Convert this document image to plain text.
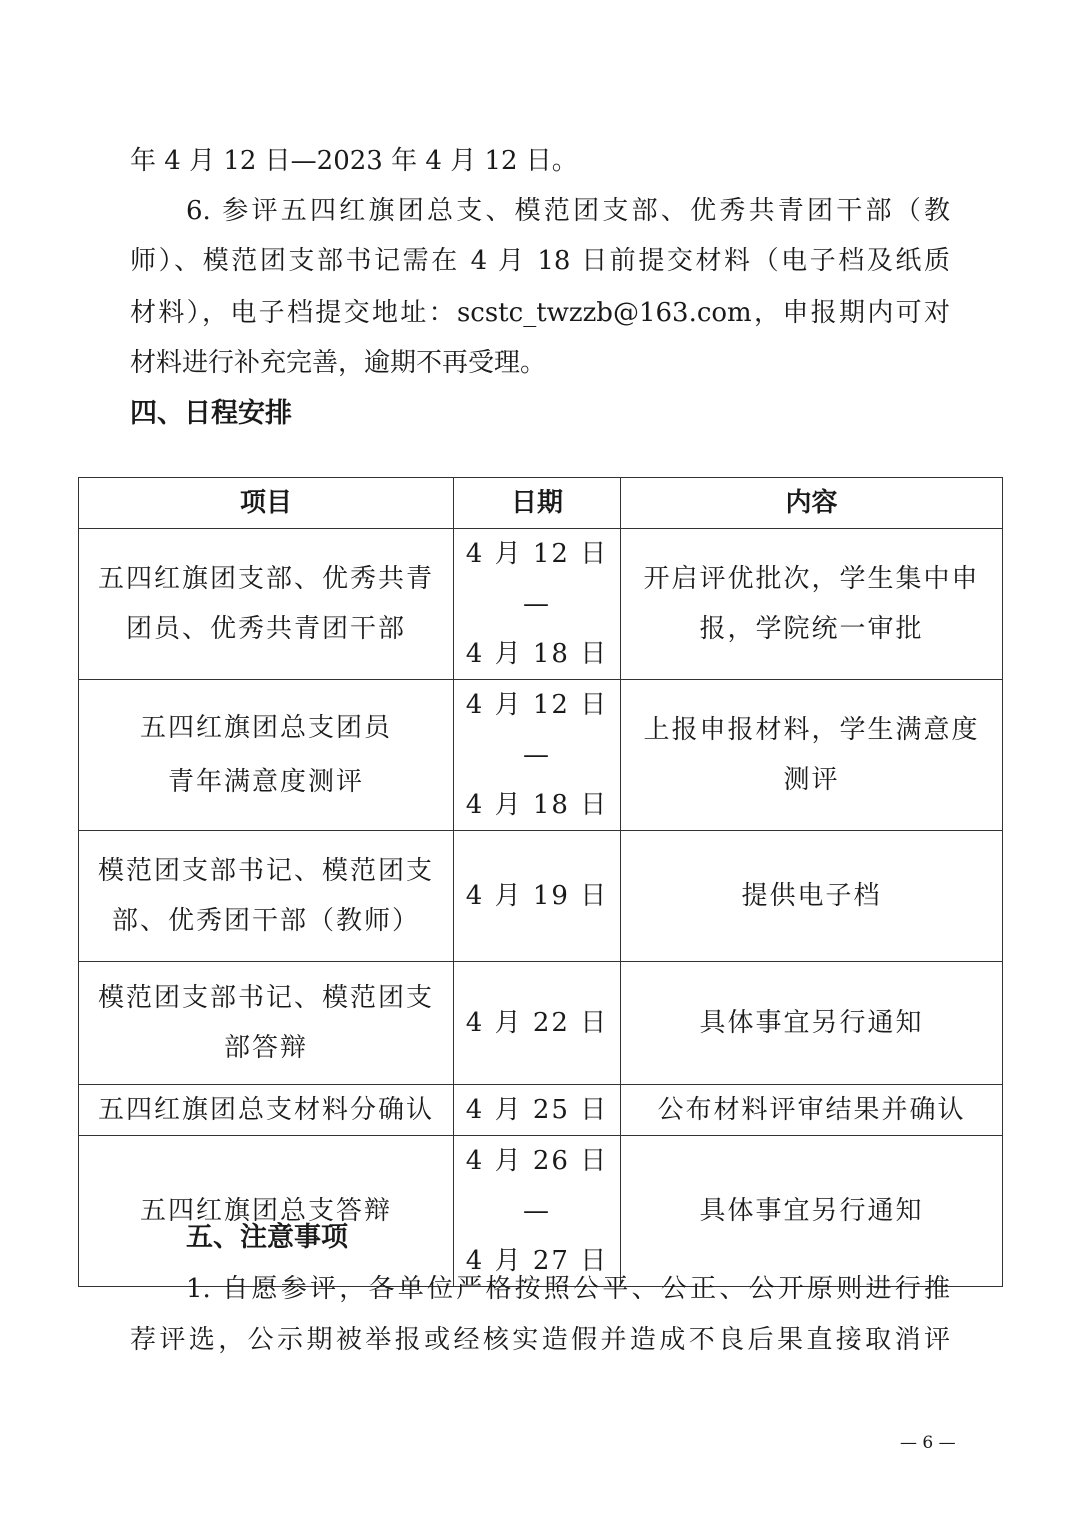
年 4 月 12 日—2023 年 4 月 12 日。
6. 参评五四红旗团总支、模范团支部、优秀共青团干部（教
师）、模范团支部书记需在 4 月 18 日前提交材料（电子档及纸质
材料），电子档提交地址：scstc_twzzb@163.com，申报期内可对
材料进行补充完善，逾期不再受理。
四、日程安排
项目	日期	内容

五四红旗团支部、优秀共青
团员、优秀共青团干部	4 月 12 日—
4 月 18 日	开启评优批次，学生集中申
报，学院统一审批

五四红旗团总支团员
青年满意度测评	4 月 12 日—
4 月 18 日	上报申报材料，学生满意度
测评

模范团支部书记、模范团支
部、优秀团干部（教师）	4 月 19 日	提供电子档

模范团支部书记、模范团支
部答辩	4 月 22 日	具体事宜另行通知

五四红旗团总支材料分确认	4 月 25 日	公布材料评审结果并确认

五四红旗团总支答辩	4 月 26 日—
4 月 27 日	具体事宜另行通知
五、注意事项
1. 自愿参评，各单位严格按照公平、公正、公开原则进行推
荐评选，公示期被举报或经核实造假并造成不良后果直接取消评
— 6 —
